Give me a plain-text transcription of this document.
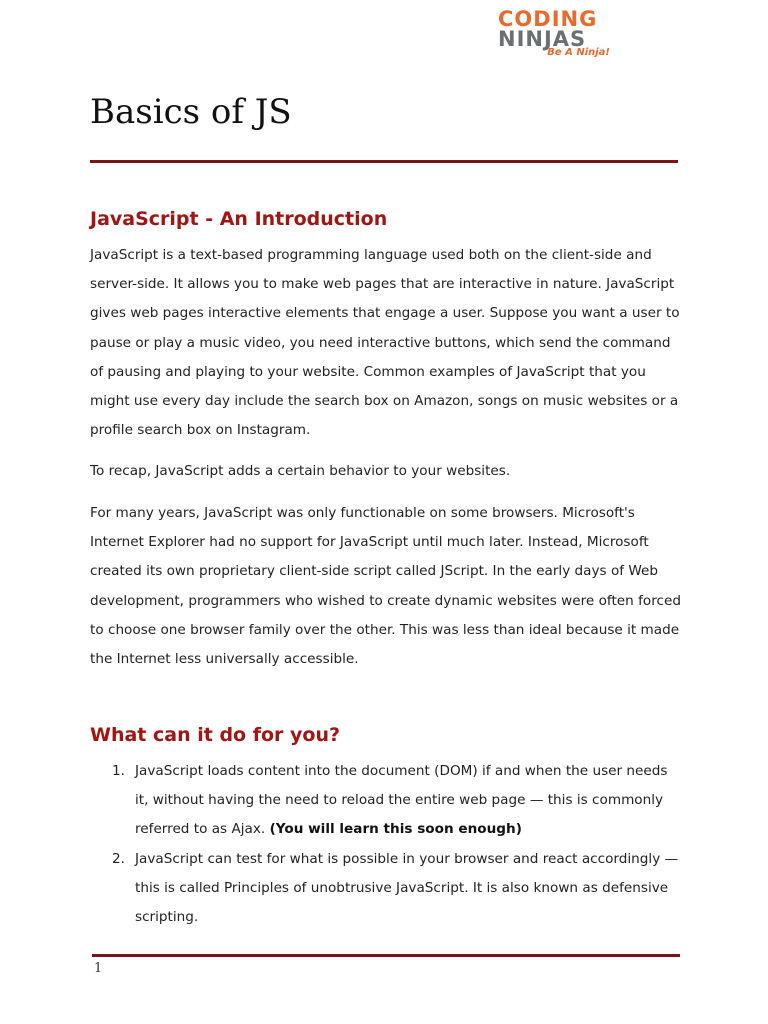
CODING
NINJAS
Be A Ninja!
Basics of JS
JavaScript - An Introduction

JavaScript is a text-based programming language used both on the client-side and server-side. It allows you to make web pages that are interactive in nature. JavaScript gives web pages interactive elements that engage a user. Suppose you want a user to pause or play a music video, you need interactive buttons, which send the command of pausing and playing to your website. Common examples of JavaScript that you might use every day include the search box on Amazon, songs on music websites or a profile search box on Instagram.

To recap, JavaScript adds a certain behavior to your websites.

For many years, JavaScript was only functionable on some browsers. Microsoft's Internet Explorer had no support for JavaScript until much later. Instead, Microsoft created its own proprietary client-side script called JScript. In the early days of Web development, programmers who wished to create dynamic websites were often forced to choose one browser family over the other. This was less than ideal because it made the Internet less universally accessible.

What can it do for you?
1. JavaScript loads content into the document (DOM) if and when the user needs it, without having the need to reload the entire web page — this is commonly referred to as Ajax. (You will learn this soon enough)
2. JavaScript can test for what is possible in your browser and react accordingly — this is called Principles of unobtrusive JavaScript. It is also known as defensive scripting.
1
